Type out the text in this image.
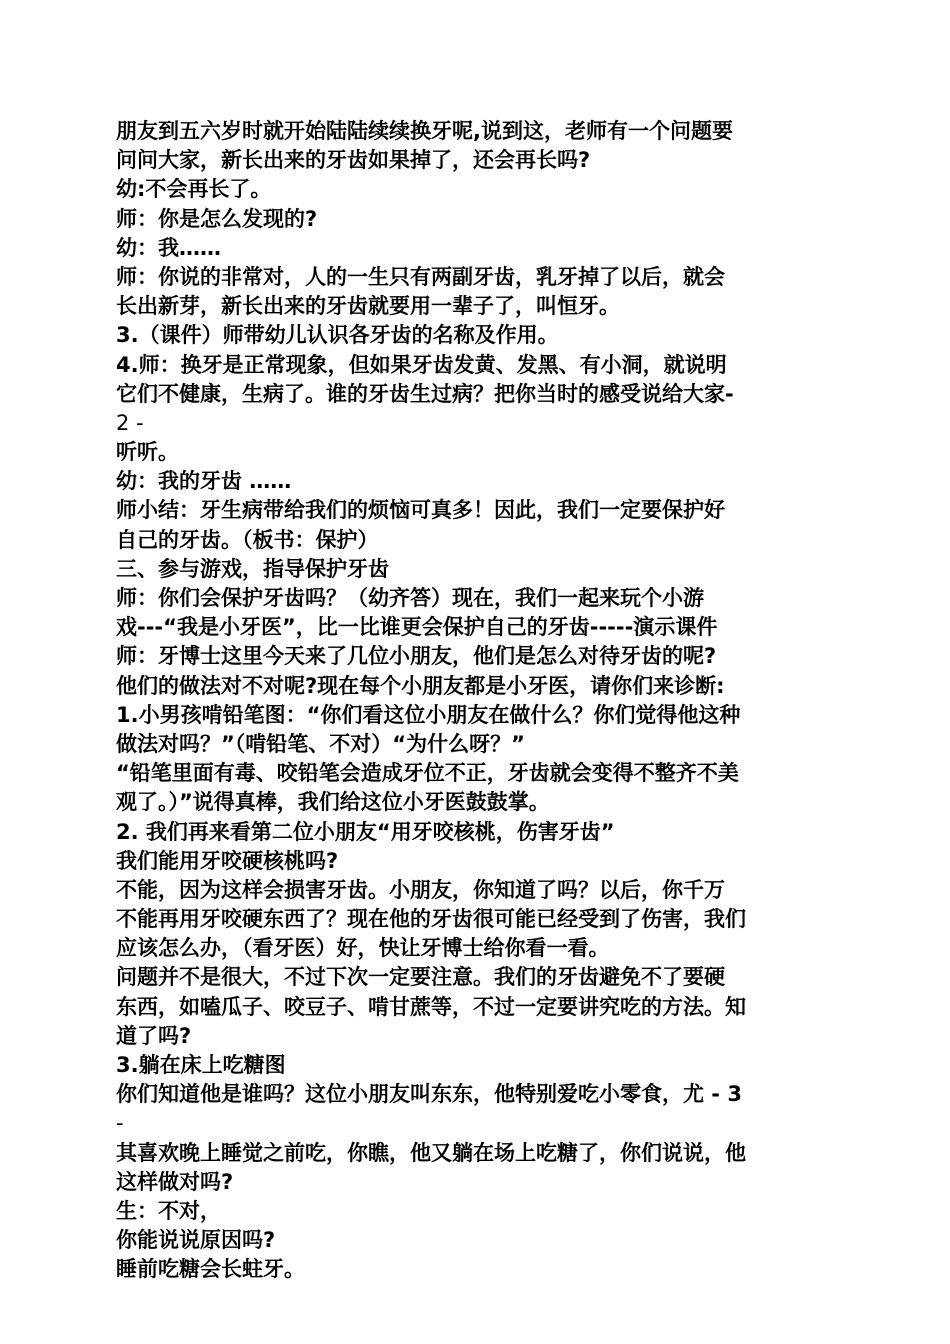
朋友到五六岁时就开始陆陆续续换牙呢,说到这，老师有一个问题要
问问大家，新长出来的牙齿如果掉了，还会再长吗?
幼:不会再长了。
师：你是怎么发现的?
幼：我……
师：你说的非常对，人的一生只有两副牙齿，乳牙掉了以后，就会
长出新芽，新长出来的牙齿就要用一辈子了，叫恒牙。
3.（课件）师带幼儿认识各牙齿的名称及作用。
4.师：换牙是正常现象，但如果牙齿发黄、发黑、有小洞，就说明
它们不健康，生病了。谁的牙齿生过病？把你当时的感受说给大家-
2 -
听听。
幼：我的牙齿 ……
师小结：牙生病带给我们的烦恼可真多！因此，我们一定要保护好
自己的牙齿。（板书：保护）
三、参与游戏，指导保护牙齿
师：你们会保护牙齿吗？（幼齐答）现在，我们一起来玩个小游
戏---“我是小牙医”，比一比谁更会保护自己的牙齿-----演示课件
师：牙博士这里今天来了几位小朋友，他们是怎么对待牙齿的呢?
他们的做法对不对呢?现在每个小朋友都是小牙医，请你们来诊断:
1.小男孩啃铅笔图：“你们看这位小朋友在做什么？你们觉得他这种
做法对吗？”（啃铅笔、不对）“为什么呀？”
“铅笔里面有毒、咬铅笔会造成牙位不正，牙齿就会变得不整齐不美
观了。）”说得真棒，我们给这位小牙医鼓鼓掌。
2. 我们再来看第二位小朋友“用牙咬核桃，伤害牙齿”
我们能用牙咬硬核桃吗?
不能，因为这样会损害牙齿。小朋友，你知道了吗？以后，你千万
不能再用牙咬硬东西了？现在他的牙齿很可能已经受到了伤害，我们
应该怎么办，（看牙医）好，快让牙博士给你看一看。
问题并不是很大，不过下次一定要注意。我们的牙齿避免不了要硬
东西，如嗑瓜子、咬豆子、啃甘蔗等，不过一定要讲究吃的方法。知
道了吗?
3.躺在床上吃糖图
你们知道他是谁吗？这位小朋友叫东东，他特别爱吃小零食，尤 - 3
-
其喜欢晚上睡觉之前吃，你瞧，他又躺在场上吃糖了，你们说说，他
这样做对吗?
生：不对，
你能说说原因吗?
睡前吃糖会长蛀牙。
